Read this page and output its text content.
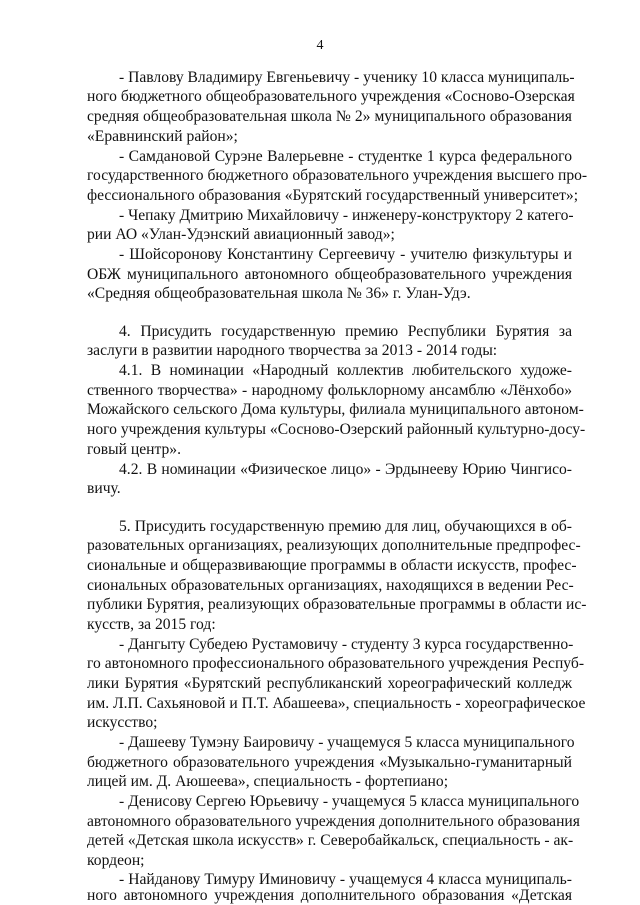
4
- Павлову Владимиру Евгеньевичу - ученику 10 класса муниципаль-
ного бюджетного общеобразовательного учреждения «Сосново-Озерская
средняя общеобразовательная школа № 2» муниципального образования
«Еравнинский район»;
- Самдановой Сурэне Валерьевне - студентке 1 курса федерального
государственного бюджетного образовательного учреждения высшего про-
фессионального образования «Бурятский государственный университет»;
- Чепаку Дмитрию Михайловичу - инженеру-конструктору 2 катего-
рии АО «Улан-Удэнский авиационный завод»;
- Шойсоронову Константину Сергеевичу - учителю физкультуры и
ОБЖ муниципального автономного общеобразовательного учреждения
«Средняя общеобразовательная школа № 36» г. Улан-Удэ.
4. Присудить государственную премию Республики Бурятия за
заслуги в развитии народного творчества за 2013 - 2014 годы:
4.1. В номинации «Народный коллектив любительского художе-
ственного творчества» - народному фольклорному ансамблю «Лёнхобо»
Можайского сельского Дома культуры, филиала муниципального автоном-
ного учреждения культуры «Сосново-Озерский районный культурно-досу-
говый центр».
4.2. В номинации «Физическое лицо» - Эрдынееву Юрию Чингисо-
вичу.
5. Присудить государственную премию для лиц, обучающихся в об-
разовательных организациях, реализующих дополнительные предпрофес-
сиональные и общеразвивающие программы в области искусств, профес-
сиональных образовательных организациях, находящихся в ведении Рес-
публики Бурятия, реализующих образовательные программы в области ис-
кусств, за 2015 год:
- Дангыту Субедею Рустамовичу - студенту 3 курса государственно-
го автономного профессионального образовательного учреждения Респуб-
лики Бурятия «Бурятский республиканский хореографический колледж
им. Л.П. Сахьяновой и П.Т. Абашеева», специальность - хореографическое
искусство;
- Дашееву Тумэну Баировичу - учащемуся 5 класса муниципального
бюджетного образовательного учреждения «Музыкально-гуманитарный
лицей им. Д. Аюшеева», специальность - фортепиано;
- Денисову Сергею Юрьевичу - учащемуся 5 класса муниципального
автономного образовательного учреждения дополнительного образования
детей «Детская школа искусств» г. Северобайкальск, специальность - ак-
кордеон;
- Найданову Тимуру Иминовичу - учащемуся 4 класса муниципаль-
ного автономного учреждения дополнительного образования «Детская
